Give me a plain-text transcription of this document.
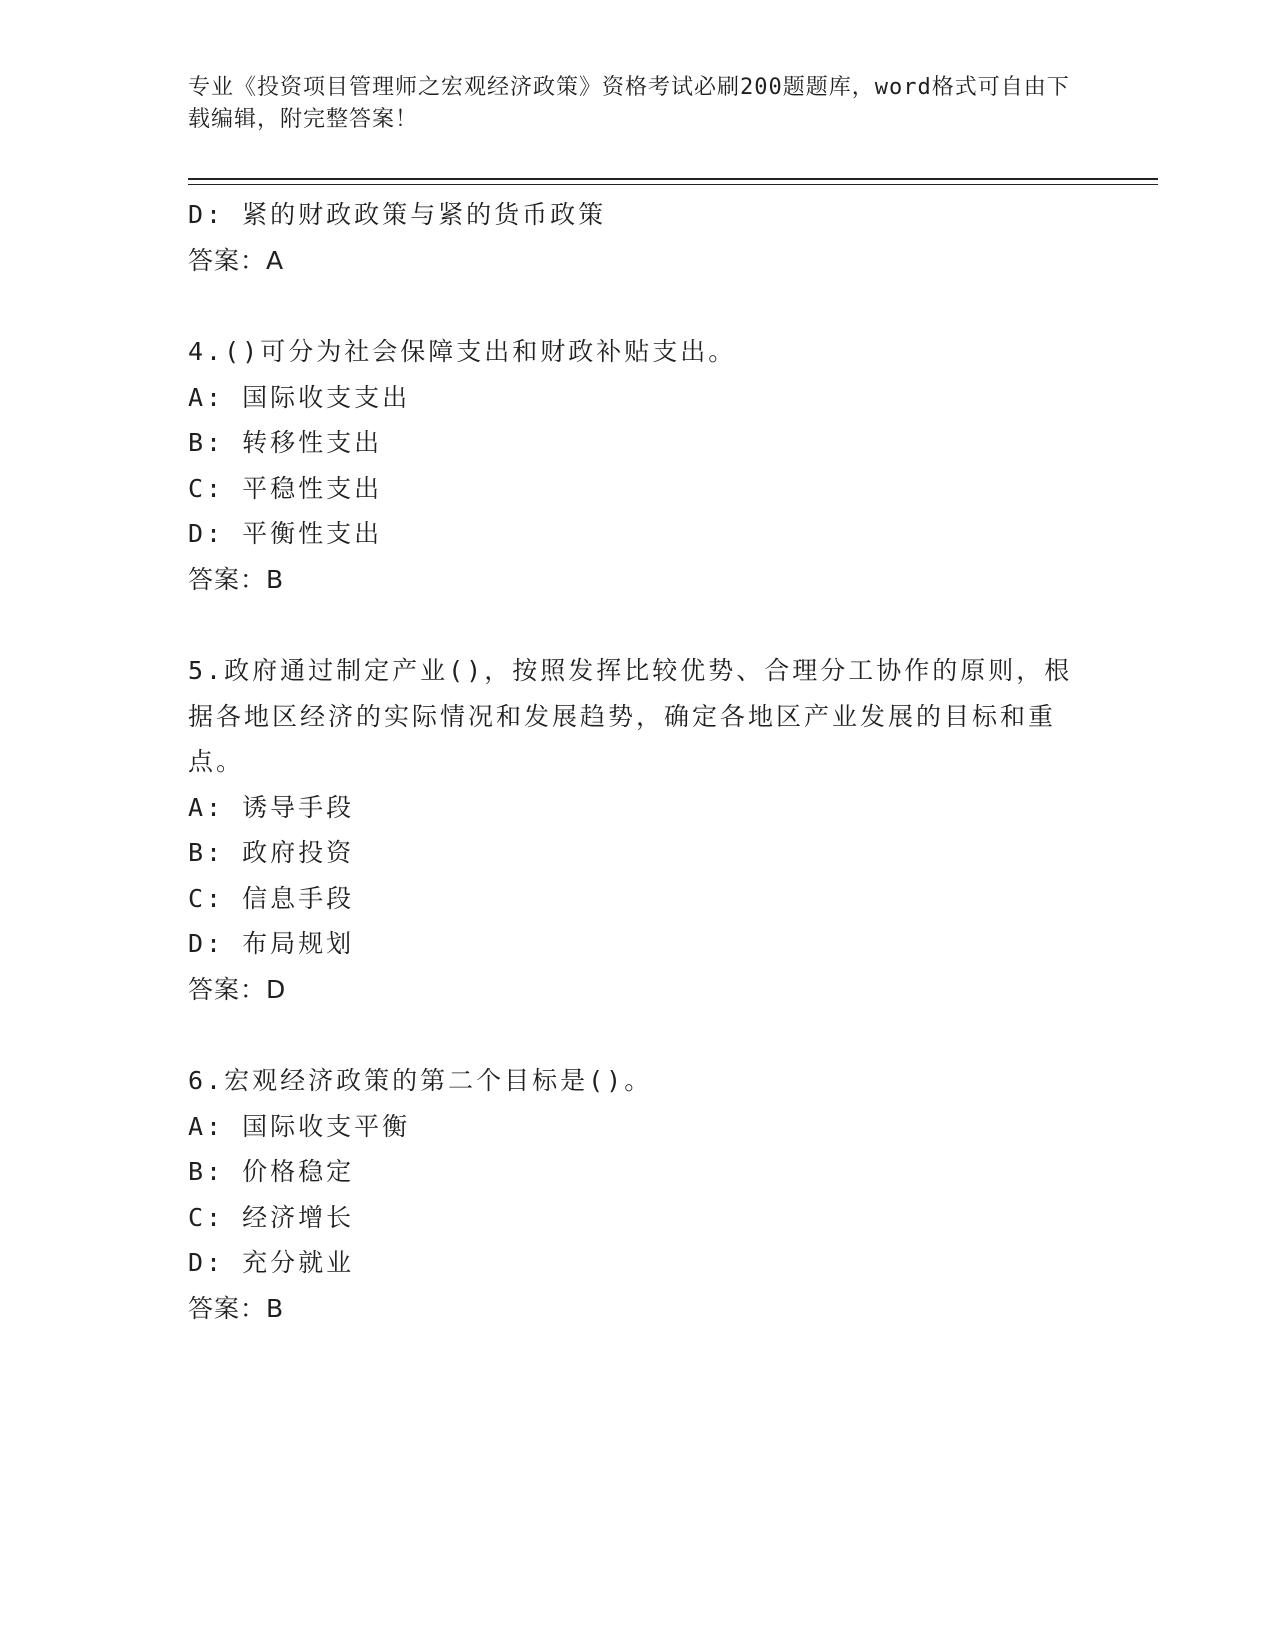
专业《投资项目管理师之宏观经济政策》资格考试必刷200题题库，word格式可自由下载编辑，附完整答案！
D: 紧的财政政策与紧的货币政策
答案：A
4.()可分为社会保障支出和财政补贴支出。
A: 国际收支支出
B: 转移性支出
C: 平稳性支出
D: 平衡性支出
答案：B
5.政府通过制定产业()，按照发挥比较优势、合理分工协作的原则，根据各地区经济的实际情况和发展趋势，确定各地区产业发展的目标和重点。
A: 诱导手段
B: 政府投资
C: 信息手段
D: 布局规划
答案：D
6.宏观经济政策的第二个目标是()。
A: 国际收支平衡
B: 价格稳定
C: 经济增长
D: 充分就业
答案：B
